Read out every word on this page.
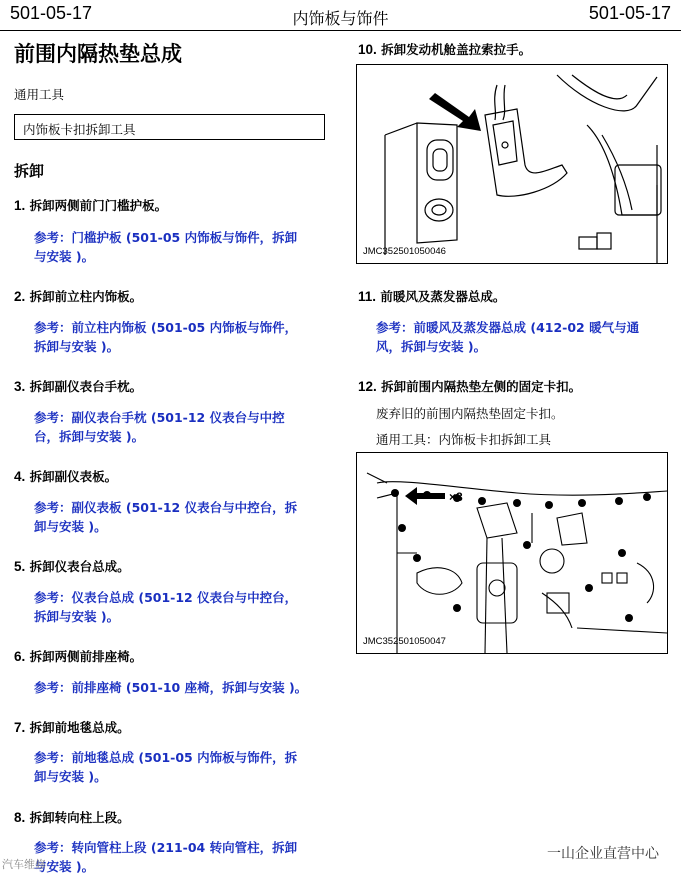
501-05-17	内饰板与饰件	501-05-17
前围内隔热垫总成
通用工具
内饰板卡扣拆卸工具
拆卸
1. 拆卸两侧前门门槛护板。
参考：门槛护板 (501-05 内饰板与饰件，拆卸
与安装 )。
2. 拆卸前立柱内饰板。
参考：前立柱内饰板 (501-05 内饰板与饰件，
拆卸与安装 )。
3. 拆卸副仪表台手枕。
参考：副仪表台手枕 (501-12 仪表台与中控
台，拆卸与安装 )。
4. 拆卸副仪表板。
参考：副仪表板 (501-12 仪表台与中控台，拆
卸与安装 )。
5. 拆卸仪表台总成。
参考：仪表台总成 (501-12 仪表台与中控台，
拆卸与安装 )。
6. 拆卸两侧前排座椅。
参考：前排座椅 (501-10 座椅，拆卸与安装 )。
7. 拆卸前地毯总成。
参考：前地毯总成 (501-05 内饰板与饰件，拆
卸与安装 )。
8. 拆卸转向柱上段。
参考：转向管柱上段 (211-04 转向管柱，拆卸
与安装 )。
10. 拆卸发动机舱盖拉索拉手。
JMC352501050046
11. 前暖风及蒸发器总成。
参考：前暖风及蒸发器总成 (412-02 暖气与通
风，拆卸与安装 )。
12. 拆卸前围内隔热垫左侧的固定卡扣。
废弃旧的前围内隔热垫固定卡扣。
通用工具：内饰板卡扣拆卸工具
×8
JMC352501050047
一山企业直营中心
汽车维修
